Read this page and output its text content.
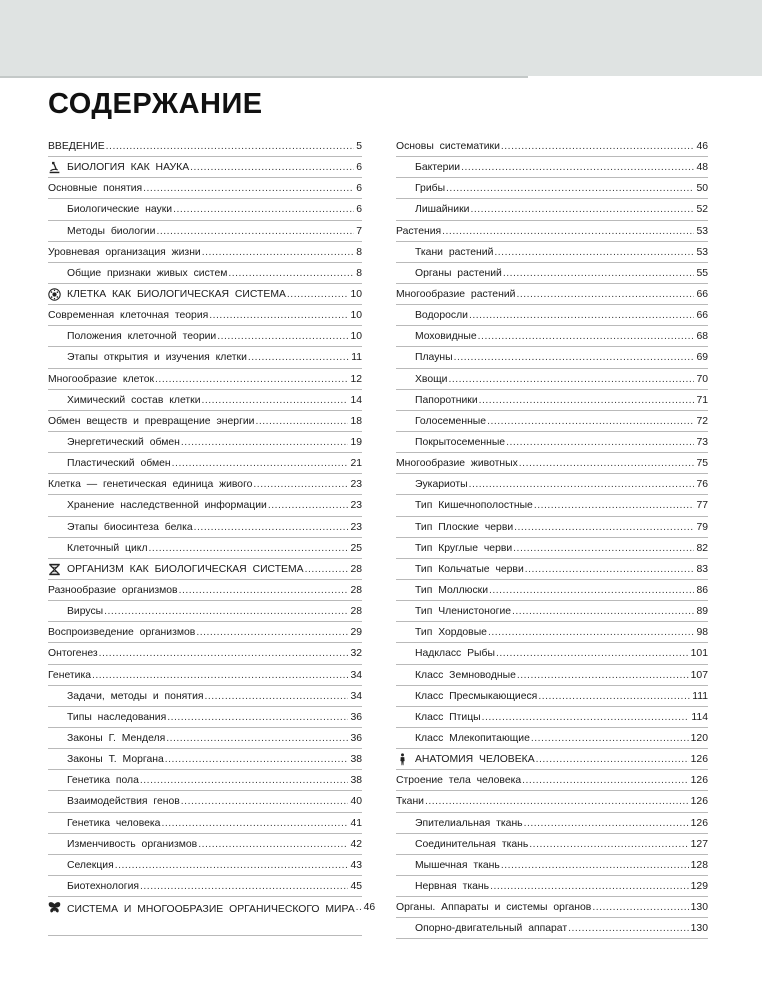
СОДЕРЖАНИЕ
ВВЕДЕНИЕ .....	5
БИОЛОГИЯ КАК НАУКА .....	6
Основные понятия .....	6
Биологические науки .....	6
Методы биологии .....	7
Уровневая организация жизни .....	8
Общие признаки живых систем .....	8
КЛЕТКА КАК БИОЛОГИЧЕСКАЯ СИСТЕМА .....	10
Современная клеточная теория .....	10
Положения клеточной теории .....	10
Этапы открытия и изучения клетки .....	11
Многообразие клеток .....	12
Химический состав клетки .....	14
Обмен веществ и превращение энергии .....	18
Энергетический обмен .....	19
Пластический обмен .....	21
Клетка — генетическая единица живого .....	23
Хранение наследственной информации .....	23
Этапы биосинтеза белка .....	23
Клеточный цикл .....	25
ОРГАНИЗМ КАК БИОЛОГИЧЕСКАЯ СИСТЕМА .....	28
Разнообразие организмов .....	28
Вирусы .....	28
Воспроизведение организмов .....	29
Онтогенез .....	32
Генетика .....	34
Задачи, методы и понятия .....	34
Типы наследования .....	36
Законы Г. Менделя .....	36
Законы Т. Моргана .....	38
Генетика пола .....	38
Взаимодействия генов .....	40
Генетика человека .....	41
Изменчивость организмов .....	42
Селекция .....	43
Биотехнология .....	45
СИСТЕМА И МНОГООБРАЗИЕ ОРГАНИЧЕСКОГО МИРА ..... 46
Основы систематики .....	46
Бактерии .....	48
Грибы .....	50
Лишайники .....	52
Растения .....	53
Ткани растений .....	53
Органы растений .....	55
Многообразие растений .....	66
Водоросли .....	66
Моховидные .....	68
Плауны .....	69
Хвощи .....	70
Папоротники .....	71
Голосеменные .....	72
Покрытосеменные .....	73
Многообразие животных .....	75
Эукариоты .....	76
Тип Кишечнополостные .....	77
Тип Плоские черви .....	79
Тип Круглые черви .....	82
Тип Кольчатые черви .....	83
Тип Моллюски .....	86
Тип Членистоногие .....	89
Тип Хордовые .....	98
Надкласс Рыбы .....	101
Класс Земноводные .....	107
Класс Пресмыкающиеся .....	111
Класс Птицы .....	114
Класс Млекопитающие .....	120
АНАТОМИЯ ЧЕЛОВЕКА .....	126
Строение тела человека .....	126
Ткани .....	126
Эпителиальная ткань .....	126
Соединительная ткань .....	127
Мышечная ткань .....	128
Нервная ткань .....	129
Органы. Аппараты и системы органов .....	130
Опорно-двигательный аппарат .....	130
